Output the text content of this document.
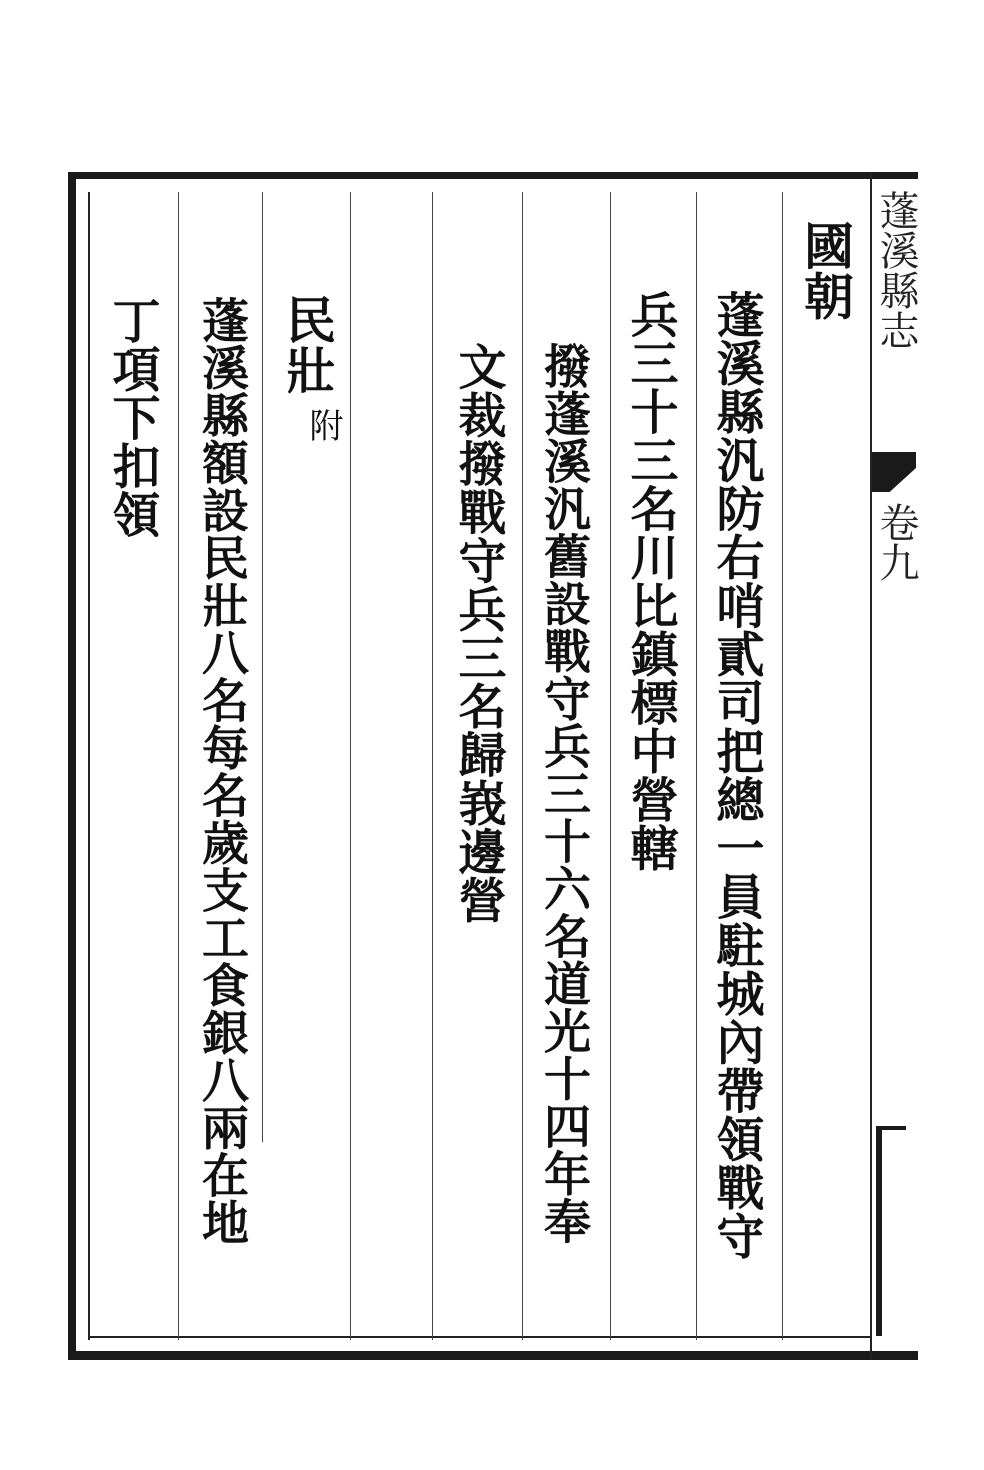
蓬溪縣志
卷九
國朝
蓬溪縣汎防右哨貳司把總一員駐城內帶領戰守
兵三十三名川比鎮標中營轄
撥蓬溪汎舊設戰守兵三十六名道光十四年奉
文裁撥戰守兵三名歸峩邊營
民壯
附
蓬溪縣額設民壯八名每名歲支工食銀八兩在地
丁項下扣領
